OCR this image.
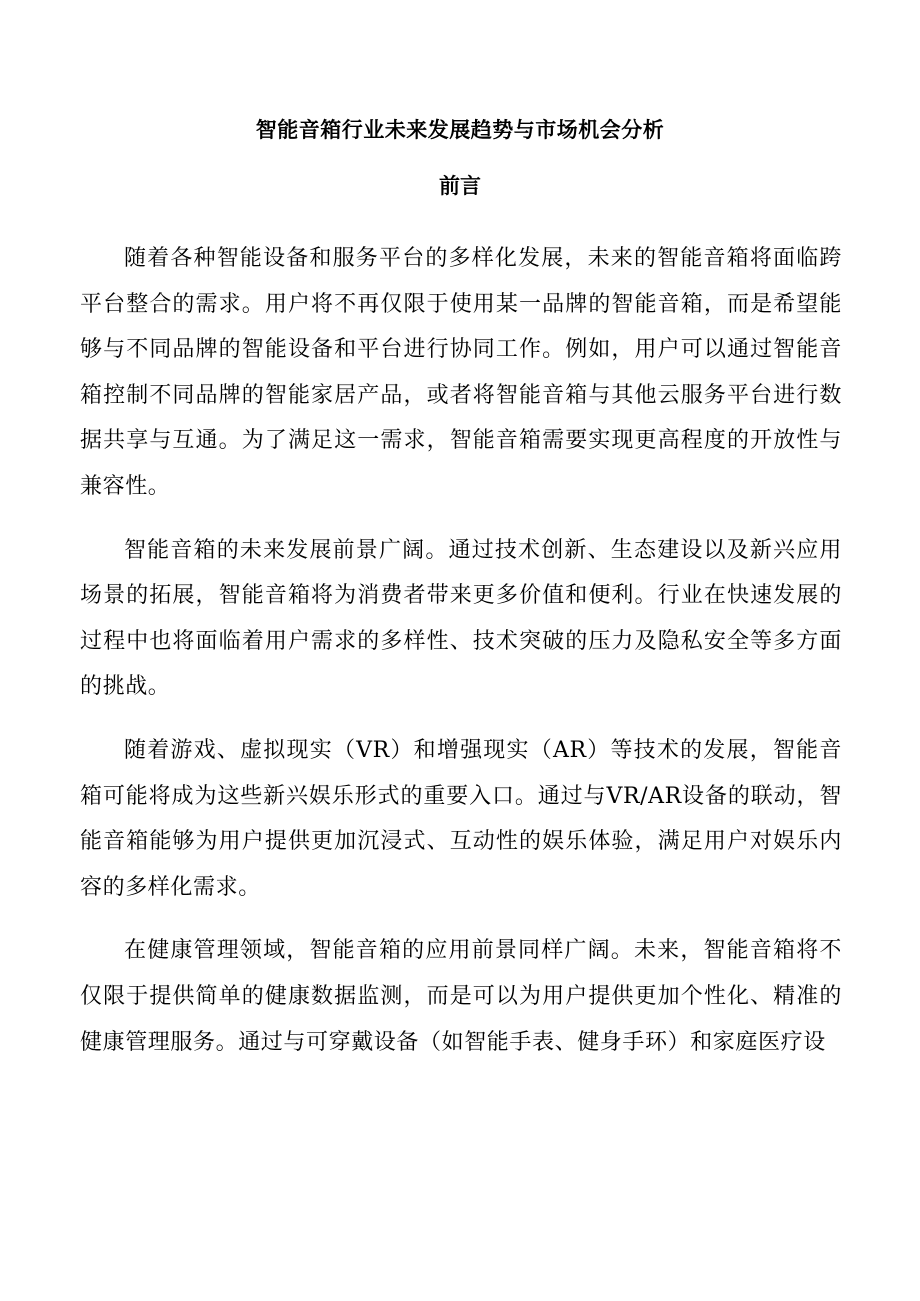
智能音箱行业未来发展趋势与市场机会分析
前言

随着各种智能设备和服务平台的多样化发展，未来的智能音箱将面临跨平台整合的需求。用户将不再仅限于使用某一品牌的智能音箱，而是希望能够与不同品牌的智能设备和平台进行协同工作。例如，用户可以通过智能音箱控制不同品牌的智能家居产品，或者将智能音箱与其他云服务平台进行数据共享与互通。为了满足这一需求，智能音箱需要实现更高程度的开放性与兼容性。

智能音箱的未来发展前景广阔。通过技术创新、生态建设以及新兴应用场景的拓展，智能音箱将为消费者带来更多价值和便利。行业在快速发展的过程中也将面临着用户需求的多样性、技术突破的压力及隐私安全等多方面的挑战。

随着游戏、虚拟现实（VR）和增强现实（AR）等技术的发展，智能音箱可能将成为这些新兴娱乐形式的重要入口。通过与VR/AR设备的联动，智能音箱能够为用户提供更加沉浸式、互动性的娱乐体验，满足用户对娱乐内容的多样化需求。

在健康管理领域，智能音箱的应用前景同样广阔。未来，智能音箱将不仅限于提供简单的健康数据监测，而是可以为用户提供更加个性化、精准的健康管理服务。通过与可穿戴设备（如智能手表、健身手环）和家庭医疗设
